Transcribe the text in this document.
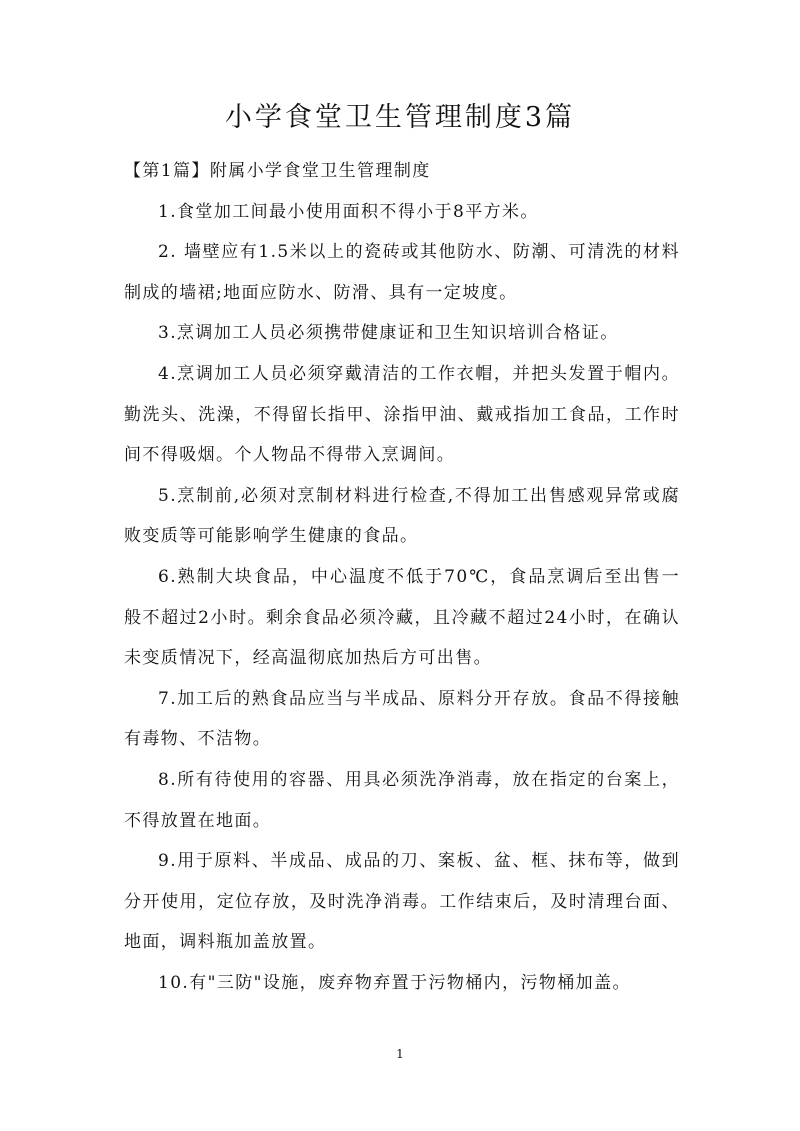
小学食堂卫生管理制度3篇

【第1篇】附属小学食堂卫生管理制度

1.食堂加工间最小使用面积不得小于8平方米。

2. 墙壁应有1.5米以上的瓷砖或其他防水、防潮、可清洗的材料制成的墙裙;地面应防水、防滑、具有一定坡度。

3.烹调加工人员必须携带健康证和卫生知识培训合格证。

4.烹调加工人员必须穿戴清洁的工作衣帽，并把头发置于帽内。勤洗头、洗澡，不得留长指甲、涂指甲油、戴戒指加工食品，工作时间不得吸烟。个人物品不得带入烹调间。

5.烹制前,必须对烹制材料进行检查,不得加工出售感观异常或腐败变质等可能影响学生健康的食品。

6.熟制大块食品，中心温度不低于70℃，食品烹调后至出售一般不超过2小时。剩余食品必须冷藏，且冷藏不超过24小时，在确认未变质情况下，经高温彻底加热后方可出售。

7.加工后的熟食品应当与半成品、原料分开存放。食品不得接触有毒物、不洁物。

8.所有待使用的容器、用具必须洗净消毒，放在指定的台案上，不得放置在地面。

9.用于原料、半成品、成品的刀、案板、盆、框、抹布等，做到分开使用，定位存放，及时洗净消毒。工作结束后，及时清理台面、地面，调料瓶加盖放置。

10.有"三防"设施，废弃物弃置于污物桶内，污物桶加盖。

1
